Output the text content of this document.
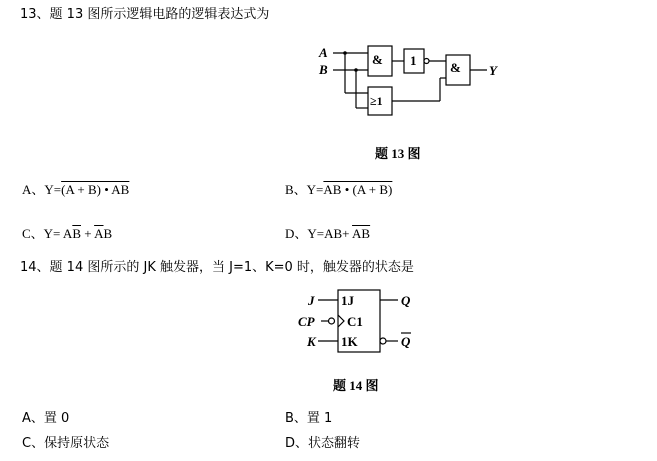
13、题 13 图所示逻辑电路的逻辑表达式为
A
B
& 1
≥1
& Y
题 13 图
A、Y=(A + B) • AB	B、Y=AB • (A + B)
C、$Y= A\overline{B} + \overline{A}B$	D、$Y=AB+ \overline{AB}$
14、题 14 图所示的 JK 触发器，当 J=1、K=0 时，触发器的状态是
J
CP
K
1J
C1
1K
Q
Q
题 14 图
A、置 0	B、置 1
C、保持原状态	D、状态翻转
